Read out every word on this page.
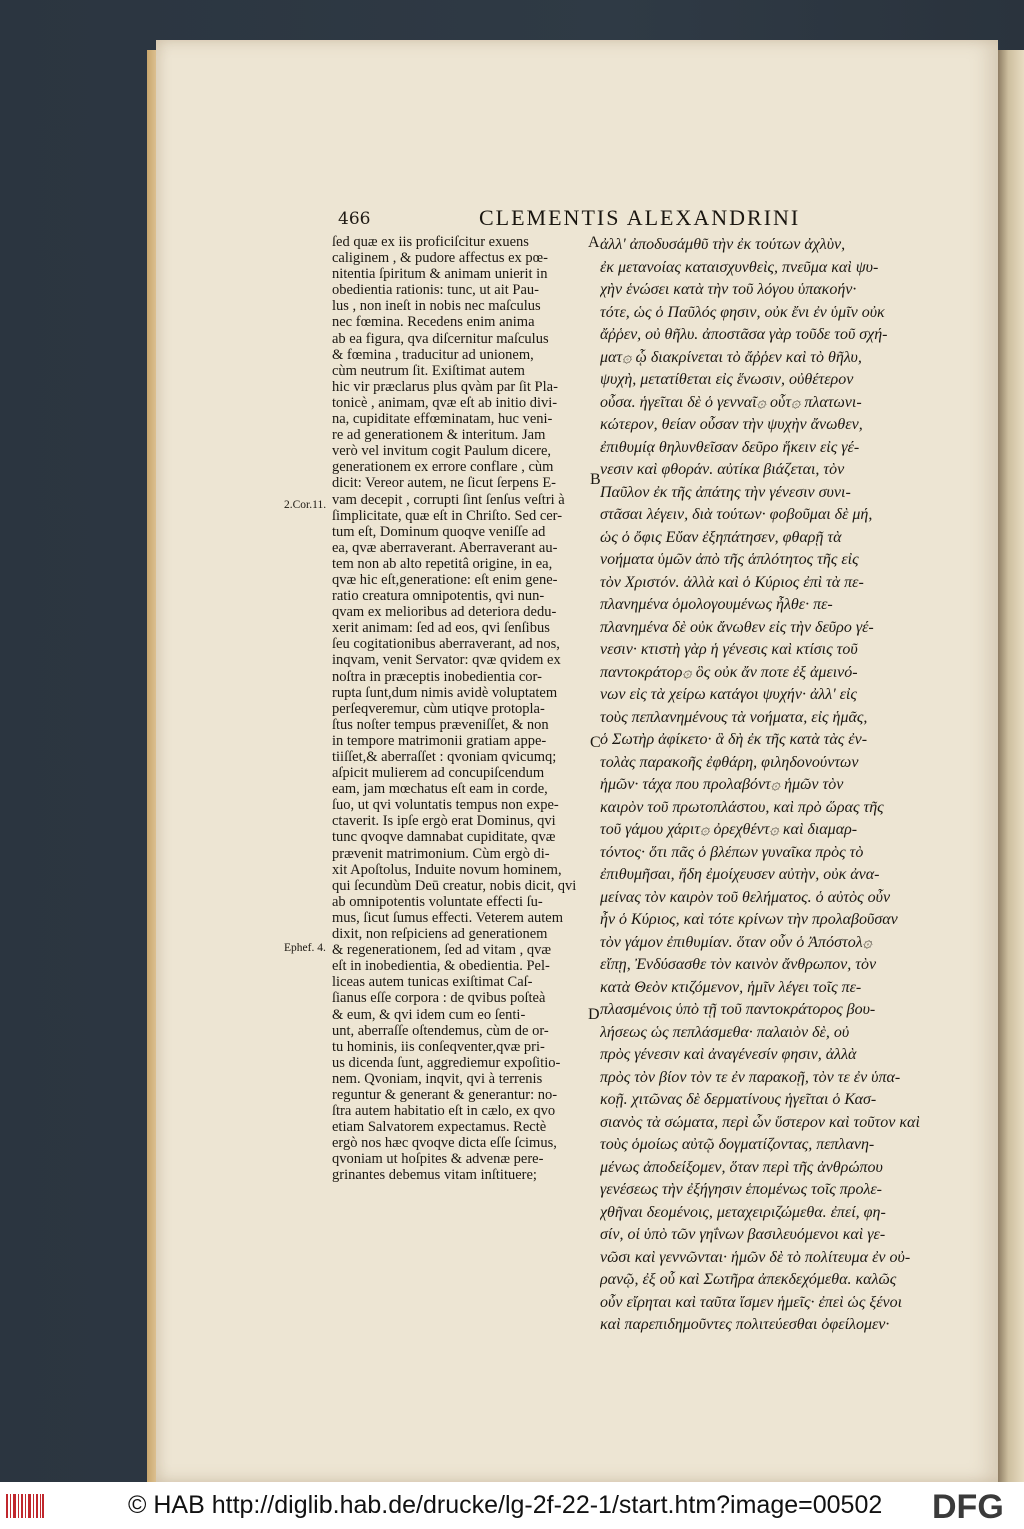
466	CLEMENTIS ALEXANDRINI
ſed quæ ex iis proficiſcitur exuens
caliginem , & pudore affectus ex pœ-
nitentia ſpiritum & animam unierit in
obedientia rationis: tunc, ut ait Pau-
lus , non ineſt in nobis nec maſculus
nec fœmina. Recedens enim anima
ab ea figura, qva diſcernitur maſculus
& fœmina , traducitur ad unionem,
cùm neutrum ſit. Exiſtimat autem
hic vir præclarus plus qvàm par ſit Pla-
tonicè , animam, qvæ eſt ab initio divi-
na, cupiditate effœminatam, huc veni-
re ad generationem & interitum. Jam
verò vel invitum cogit Paulum dicere,
generationem ex errore conflare , cùm
dicit: Vereor autem, ne ſicut ſerpens E-
vam decepit , corrupti ſint ſenſus veſtri à
ſimplicitate, quæ eſt in Chriſto. Sed cer-
tum eſt, Dominum quoqve veniſſe ad
ea, qvæ aberraverant. Aberraverant au-
tem non ab alto repetitâ origine, in ea,
qvæ hic eſt,generatione: eſt enim gene-
ratio creatura omnipotentis, qvi nun-
qvam ex melioribus ad deteriora dedu-
xerit animam: ſed ad eos, qvi ſenſibus
ſeu cogitationibus aberraverant, ad nos,
inqvam, venit Servator: qvæ qvidem ex
noſtra in præceptis inobedientia cor-
rupta ſunt,dum nimis avidè voluptatem
perſeqveremur, cùm utiqve protopla-
ſtus noſter tempus præveniſſet, & non
in tempore matrimonii gratiam appe-
tiiſſet,& aberraſſet : qvoniam qvicumq;
aſpicit mulierem ad concupiſcendum
eam, jam mœchatus eſt eam in corde,
ſuo, ut qvi voluntatis tempus non expe-
ctaverit. Is ipſe ergò erat Dominus, qvi
tunc qvoqve damnabat cupiditate, qvæ
prævenit matrimonium. Cùm ergò di-
xit Apoſtolus, Induite novum hominem,
qui ſecundùm Deū creatur, nobis dicit, qvi
ab omnipotentis voluntate effecti ſu-
mus, ſicut ſumus effecti. Veterem autem
dixit, non reſpiciens ad generationem
& regenerationem, ſed ad vitam , qvæ
eſt in inobedientia, & obedientia. Pel-
liceas autem tunicas exiſtimat Caſ-
ſianus eſſe corpora : de qvibus poſteà
& eum, & qvi idem cum eo ſenti-
unt, aberraſſe oſtendemus, cùm de or-
tu hominis, iis conſeqventer,qvæ pri-
us dicenda ſunt, aggrediemur expoſitio-
nem. Qvoniam, inqvit, qvi à terrenis
reguntur & generant & generantur: no-
ſtra autem habitatio eſt in cælo, ex qvo
etiam Salvatorem expectamus. Rectè
ergò nos hæc qvoqve dicta eſſe ſcimus,
qvoniam ut hoſpites & advenæ pere-
grinantes debemus vitam inſtituere;
ἀλλ' ἀποδυσάμθῦ τὴν ἐκ τούτων ἀχλὺν,
ἐκ μετανοίας καταισχυνθεὶς, πνεῦμα καὶ ψυ-
χὴν ἑνώσει κατὰ τὴν τοῦ λόγου ὑπακοήν·
τότε, ὡς ὁ Παῦλός φησιν, οὐκ ἔνι ἐν ὑμῖν οὐκ
ἄῤῥεν, οὐ θῆλυ. ἀποστᾶσα γὰρ τοῦδε τοῦ σχή-
ματ۞ ᾧ διακρίνεται τὸ ἄῤῥεν καὶ τὸ θῆλυ,
ψυχὴ, μετατίθεται εἰς ἕνωσιν, οὐθέτερον
οὖσα. ἡγεῖται δὲ ὁ γενναῖ۞ οὗτ۞ πλατωνι-
κώτερον, θείαν οὖσαν τὴν ψυχὴν ἄνωθεν,
ἐπιθυμίᾳ θηλυνθεῖσαν δεῦρο ἥκειν εἰς γέ-
νεσιν καὶ φθοράν. αὐτίκα βιάζεται, τὸν
Παῦλον ἐκ τῆς ἀπάτης τὴν γένεσιν συνι-
στᾶσαι λέγειν, διὰ τούτων· φοβοῦμαι δὲ μή,
ὡς ὁ ὄφις Εὔαν ἐξηπάτησεν, φθαρῇ τὰ
νοήματα ὑμῶν ἀπὸ τῆς ἁπλότητος τῆς εἰς
τὸν Χριστόν. ἀλλὰ καὶ ὁ Κύριος ἐπὶ τὰ πε-
πλανημένα ὁμολογουμένως ἦλθε· πε-
πλανημένα δὲ οὐκ ἄνωθεν εἰς τὴν δεῦρο γέ-
νεσιν· κτιστὴ γὰρ ἡ γένεσις καὶ κτίσις τοῦ
παντοκράτορ۞ ὃς οὐκ ἄν ποτε ἐξ ἀμεινό-
νων εἰς τὰ χείρω κατάγοι ψυχήν· ἀλλ' εἰς
τοὺς πεπλανημένους τὰ νοήματα, εἰς ἡμᾶς,
ὁ Σωτὴρ ἀφίκετο· ἃ δὴ ἐκ τῆς κατὰ τὰς ἐν-
τολὰς παρακοῆς ἐφθάρη, φιληδονούντων
ἡμῶν· τάχα που προλαβόντ۞ ἡμῶν τὸν
καιρὸν τοῦ πρωτοπλάστου, καὶ πρὸ ὥρας τῆς
τοῦ γάμου χάριτ۞ ὀρεχθέντ۞ καὶ διαμαρ-
τόντος· ὅτι πᾶς ὁ βλέπων γυναῖκα πρὸς τὸ
ἐπιθυμῆσαι, ἤδη ἐμοίχευσεν αὐτὴν, οὐκ ἀνα-
μείνας τὸν καιρὸν τοῦ θελήματος. ὁ αὐτὸς οὖν
ἦν ὁ Κύριος, καὶ τότε κρίνων τὴν προλαβοῦσαν
τὸν γάμον ἐπιθυμίαν. ὅταν οὖν ὁ Ἀπόστολ۞
εἴπῃ, Ἐνδύσασθε τὸν καινὸν ἄνθρωπον, τὸν
κατὰ Θεὸν κτιζόμενον, ἡμῖν λέγει τοῖς πε-
πλασμένοις ὑπὸ τῇ τοῦ παντοκράτορος βου-
λήσεως ὡς πεπλάσμεθα· παλαιὸν δὲ, οὐ
πρὸς γένεσιν καὶ ἀναγένεσίν φησιν, ἀλλὰ
πρὸς τὸν βίον τὸν τε ἐν παρακοῇ, τὸν τε ἐν ὑπα-
κοῇ. χιτῶνας δὲ δερματίνους ἡγεῖται ὁ Κασ-
σιανὸς τὰ σώματα, περὶ ὧν ὕστερον καὶ τοῦτον καὶ
τοὺς ὁμοίως αὐτῷ δογματίζοντας, πεπλανη-
μένως ἀποδείξομεν, ὅταν περὶ τῆς ἀνθρώπου
γενέσεως τὴν ἐξήγησιν ἑπομένως τοῖς προλε-
χθῆναι δεομένοις, μεταχειριζώμεθα. ἐπεί, φη-
σίν, οἱ ὑπὸ τῶν γηΐνων βασιλευόμενοι καὶ γε-
νῶσι καὶ γεννῶνται· ἡμῶν δὲ τὸ πολίτευμα ἐν οὐ-
ρανῷ, ἐξ οὗ καὶ Σωτῆρα ἀπεκδεχόμεθα. καλῶς
οὖν εἴρηται καὶ ταῦτα ἴσμεν ἡμεῖς· ἐπεὶ ὡς ξένοι
καὶ παρεπιδημοῦντες πολιτεύεσθαι ὀφείλομεν·
2.Cor.11.
Ephef. 4.
A
B
C
D
© HAB http://diglib.hab.de/drucke/lg-2f-22-1/start.htm?image=00502 DFG
